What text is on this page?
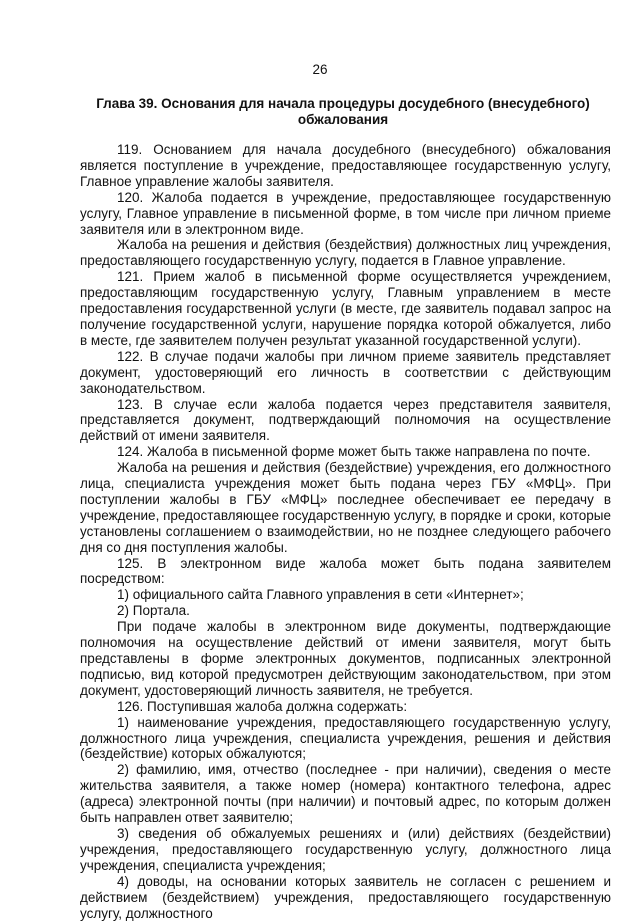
26
Глава 39. Основания для начала процедуры досудебного (внесудебного) обжалования

119. Основанием для начала досудебного (внесудебного) обжалования является поступление в учреждение, предоставляющее государственную услугу, Главное управление жалобы заявителя.

120. Жалоба подается в учреждение, предоставляющее государственную услугу, Главное управление в письменной форме, в том числе при личном приеме заявителя или в электронном виде.

Жалоба на решения и действия (бездействия) должностных лиц учреждения, предоставляющего государственную услугу, подается в Главное управление.

121. Прием жалоб в письменной форме осуществляется учреждением, предоставляющим государственную услугу, Главным управлением в месте предоставления государственной услуги (в месте, где заявитель подавал запрос на получение государственной услуги, нарушение порядка которой обжалуется, либо в месте, где заявителем получен результат указанной государственной услуги).

122. В случае подачи жалобы при личном приеме заявитель представляет документ, удостоверяющий его личность в соответствии с действующим законодательством.

123. В случае если жалоба подается через представителя заявителя, представляется документ, подтверждающий полномочия на осуществление действий от имени заявителя.

124. Жалоба в письменной форме может быть также направлена по почте.

Жалоба на решения и действия (бездействие) учреждения, его должностного лица, специалиста учреждения может быть подана через ГБУ «МФЦ». При поступлении жалобы в ГБУ «МФЦ» последнее обеспечивает ее передачу в учреждение, предоставляющее государственную услугу, в порядке и сроки, которые установлены соглашением о взаимодействии, но не позднее следующего рабочего дня со дня поступления жалобы.

125. В электронном виде жалоба может быть подана заявителем посредством:

1) официального сайта Главного управления в сети «Интернет»;

2) Портала.

При подаче жалобы в электронном виде документы, подтверждающие полномочия на осуществление действий от имени заявителя, могут быть представлены в форме электронных документов, подписанных электронной подписью, вид которой предусмотрен действующим законодательством, при этом документ, удостоверяющий личность заявителя, не требуется.

126. Поступившая жалоба должна содержать:

1) наименование учреждения, предоставляющего государственную услугу, должностного лица учреждения, специалиста учреждения, решения и действия (бездействие) которых обжалуются;

2) фамилию, имя, отчество (последнее - при наличии), сведения о месте жительства заявителя, а также номер (номера) контактного телефона, адрес (адреса) электронной почты (при наличии) и почтовый адрес, по которым должен быть направлен ответ заявителю;

3) сведения об обжалуемых решениях и (или) действиях (бездействии) учреждения, предоставляющего государственную услугу, должностного лица учреждения, специалиста учреждения;

4) доводы, на основании которых заявитель не согласен с решением и действием (бездействием) учреждения, предоставляющего государственную услугу, должностного
